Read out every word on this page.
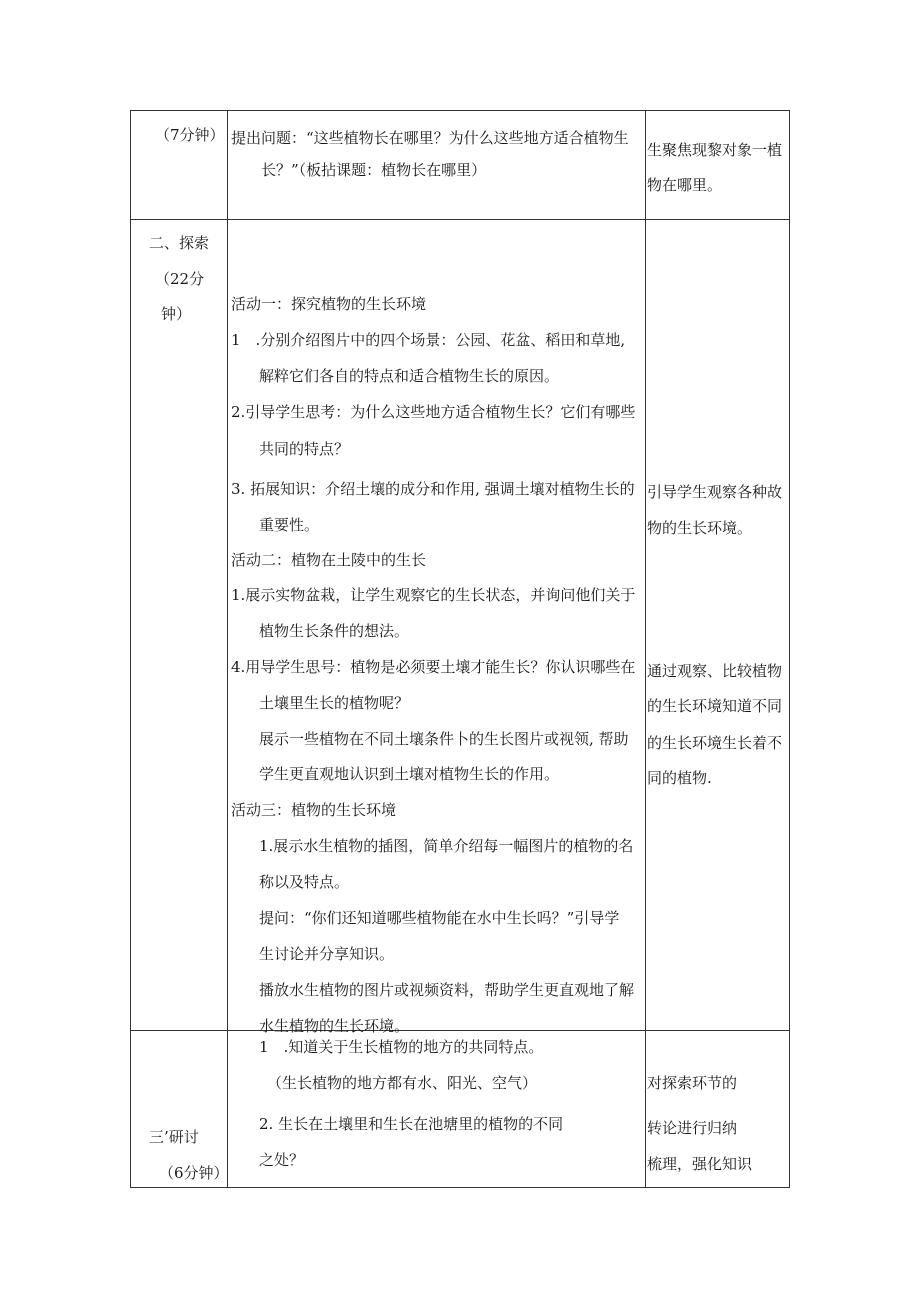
（7分钟） 提出问题：“这些植物长在哪里？为什么这些地方适合植物生
长？”（板拈课题：植物长在哪里）
生聚焦现黎对象一植
物在哪里。
二、探索
（22分
钟）
活动一：探究植物的生长环境
1　.分别介绍图片中的四个场景：公园、花盆、稻田和草地,
解粹它们各自的特点和适合植物生长的原因。
2.引导学生思考：为什么这些地方适合植物生长？它们有哪些
共同的特点？
3. 拓展知识：介绍土壤的成分和作用, 强调土壤对植物生长的
重要性。
活动二：植物在土陵中的生长
1.展示实物盆栽，让学生观察它的生长状态，并询问他们关于
植物生长条件的想法。
4.用导学生思号：植物是必须要土壤才能生长？你认识哪些在
土壤里生长的植物呢？
展示一些植物在不同土壤条件卜的生长图片或视领, 帮助
学生更直观地认识到土壤对植物生长的作用。
活动三：植物的生长环境
1.展示水生植物的插图，简单介绍每一幅图片的植物的名
称以及特点。
提问：“你们还知道哪些植物能在水中生长吗？”引导学
生讨论并分享知识。
播放水生植物的图片或视频资料，帮助学生更直观地了解
水生植物的生长环境。
引导学生观察各种故
物的生长环境。
通过观察、比较植物
的生长环境知道不同
的生长环境生长着不
同的植物.
三’研讨
（6分钟）
1　.知道关于生长植物的地方的共同特点。
（生长植物的地方都有水、阳光、空气）
2. 生长在土壤里和生长在池塘里的植物的不同
之处？
对探索环节的
转论进行归纳
梳理，强化知识
